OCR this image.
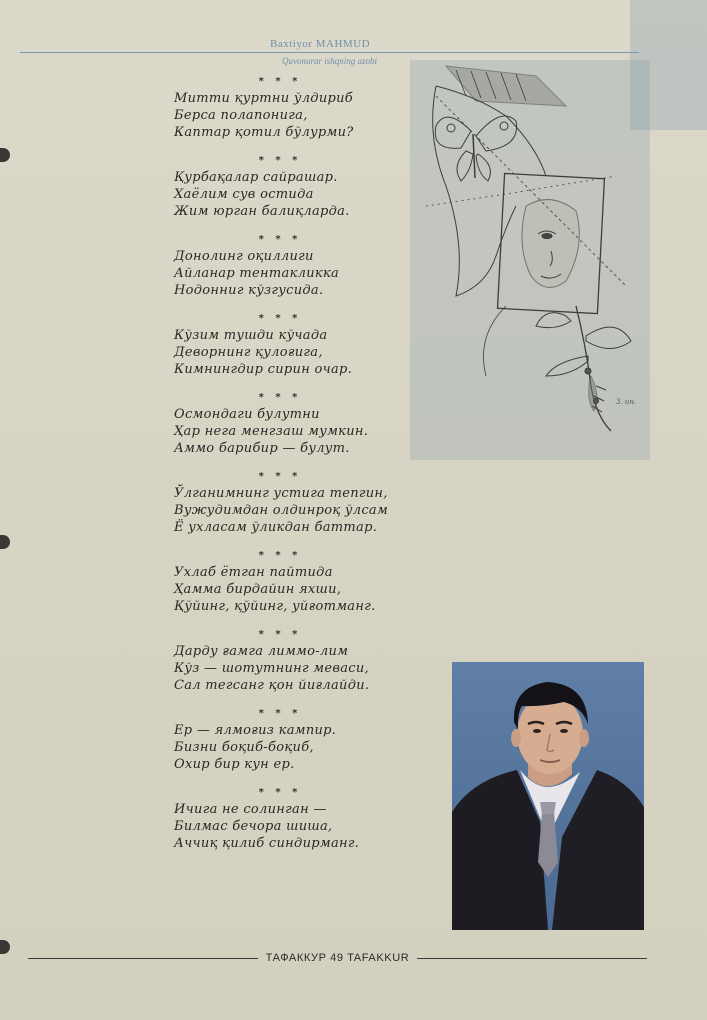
Baxtiyor MAHMUD
Quvonurar ishqning azobi
* * *
Митти қуртни ўлдириб
Берса полапонига,
Каптар қотил бўлурми?
* * *
Қурбақалар сайрашар.
Хаёлим сув остида
Жим юрган балиқларда.
* * *
Донолинг оқиллиги
Айланар тентакликка
Нодонниг кўзгусида.
* * *
Кўзим тушди кўчада
Деворнинг қулоғига,
Кимнингдир сирин очар.
* * *
Осмондаги булутни
Ҳар нега менгзаш мумкин.
Аммо барибир — булут.
* * *
Ўлганимнинг устига тепгин,
Вужудимдан олдинроқ ўлсам
Ё ухласам ўликдан баттар.
* * *
Ухлаб ётган пайтида
Ҳамма бирдайин яхши,
Қўйинг, қўйинг, уйғотманг.
* * *
Дарду ғамга лиммо-лим
Кўз — шотутнинг меваси,
Сал тегсанг қон йиғлайди.
* * *
Ер — ялмоғиз кампир.
Бизни боқиб-боқиб,
Охир бир кун ер.
* * *
Ичига не солинган —
Билмас бечора шиша,
Аччиқ қилиб синдирманг.
З. ин.
ТАФАККУР 49 TAFAKKUR
